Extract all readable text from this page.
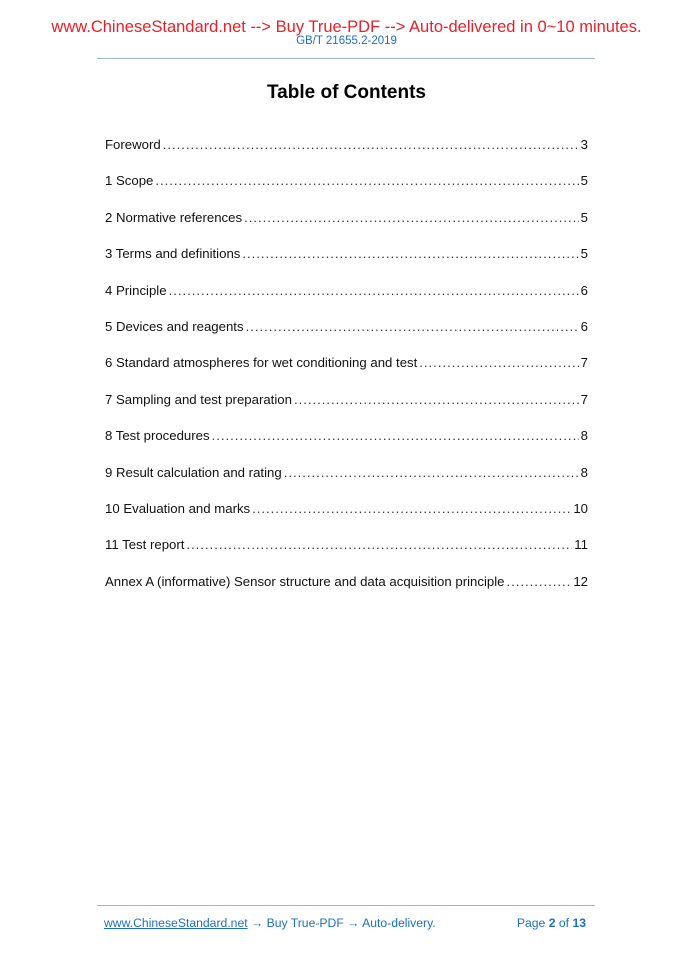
www.ChineseStandard.net --> Buy True-PDF --> Auto-delivered in 0~10 minutes.
GB/T 21655.2-2019
Table of Contents
Foreword . . .	3
1 Scope . . .	5
2 Normative references . . .	5
3 Terms and definitions . . .	5
4 Principle . . .	6
5 Devices and reagents . . .	6
6 Standard atmospheres for wet conditioning and test . . .	7
7 Sampling and test preparation . . .	7
8 Test procedures . . .	8
9 Result calculation and rating . . .	8
10 Evaluation and marks . . .	10
11 Test report . . .	11
Annex A (informative) Sensor structure and data acquisition principle . . .	12
www.ChineseStandard.net → Buy True-PDF → Auto-delivery.	Page 2 of 13
